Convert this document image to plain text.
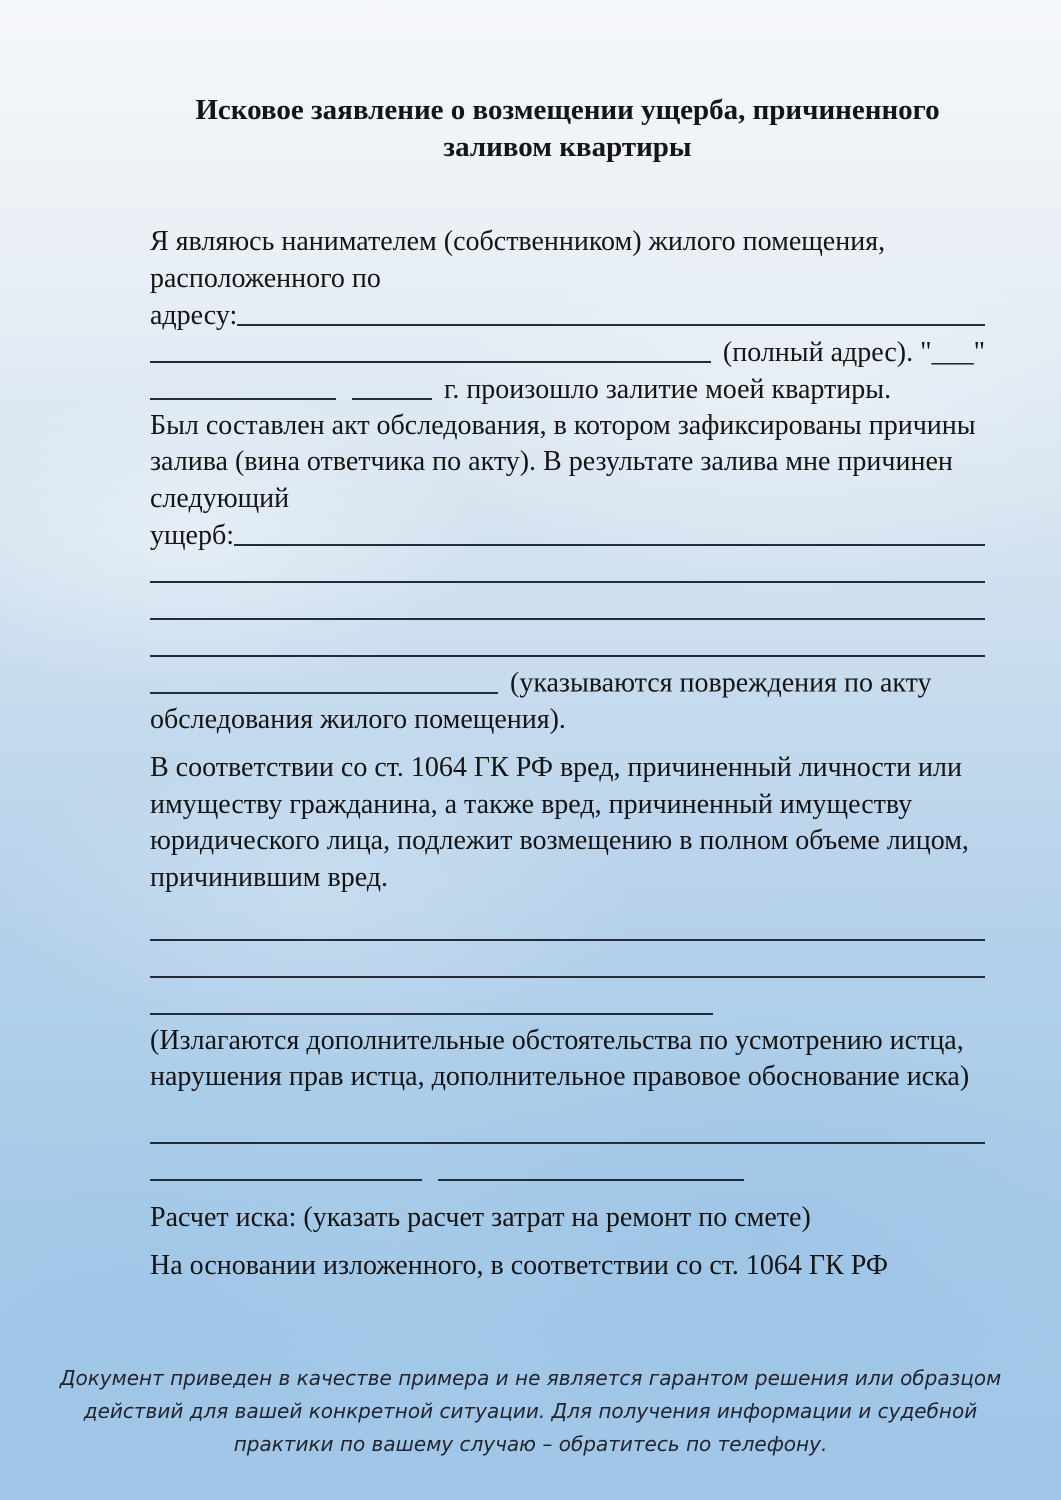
Исковое заявление о возмещении ущерба, причиненного заливом квартиры

Я являюсь нанимателем (собственником) жилого помещения, расположенного по

адресу:
(полный адрес). "___"
г. произошло залитие моей квартиры.

Был составлен акт обследования, в котором зафиксированы причины залива (вина ответчика по акту). В результате залива мне причинен следующий

ущерб:

(указываются повреждения по акту обследования жилого помещения).

В соответствии со ст. 1064 ГК РФ вред, причиненный личности или имуществу гражданина, а также вред, причиненный имуществу юридического лица, подлежит возмещению в полном объеме лицом, причинившим вред.

(Излагаются дополнительные обстоятельства по усмотрению истца, нарушения прав истца, дополнительное правовое обоснование иска)

Расчет иска: (указать расчет затрат на ремонт по смете)

На основании изложенного, в соответствии со ст. 1064 ГК РФ

Документ приведен в качестве примера и не является гарантом решения или образцом действий для вашей конкретной ситуации. Для получения информации и судебной практики по вашему случаю – обратитесь по телефону.
